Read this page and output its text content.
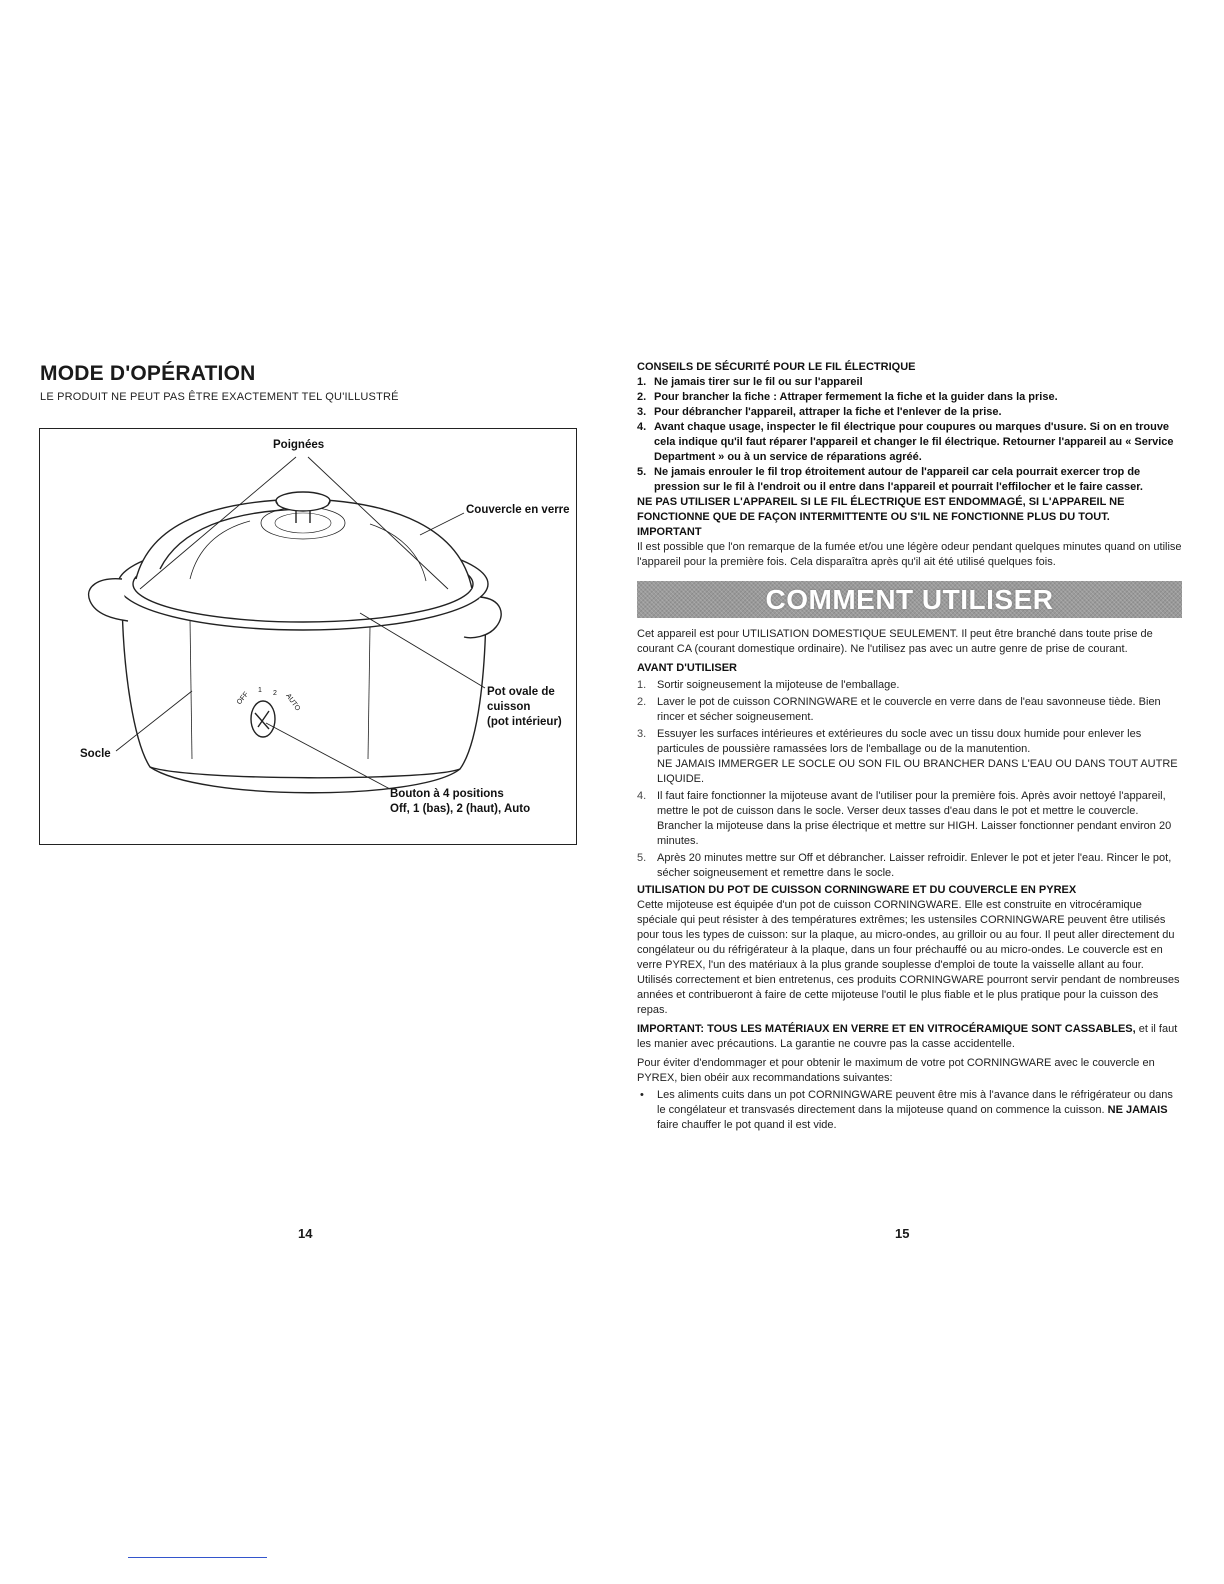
MODE D'OPÉRATION
LE PRODUIT NE PEUT PAS ÊTRE EXACTEMENT TEL QU'ILLUSTRÉ
Poignées
Couvercle en verre
Pot ovale de
cuisson
(pot intérieur)
Socle
Bouton à 4 positions
Off, 1 (bas), 2 (haut), Auto
OFF
1 2	AUTO
14
CONSEILS DE SÉCURITÉ POUR LE FIL ÉLECTRIQUE
1. Ne jamais tirer sur le fil ou sur l'appareil
2. Pour brancher la fiche : Attraper fermement la fiche et la guider dans la prise.
3. Pour débrancher l'appareil, attraper la fiche et l'enlever de la prise.
4. Avant chaque usage, inspecter le fil électrique pour coupures ou marques d'usure. Si on en trouve cela indique qu'il faut réparer l'appareil et changer le fil électrique. Retourner l'appareil au « Service Department » ou à un service de réparations agréé.
5. Ne jamais enrouler le fil trop étroitement autour de l'appareil car cela pourrait exercer trop de pression sur le fil à l'endroit ou il entre dans l'appareil et pourrait l'effilocher et le faire casser.
NE PAS UTILISER L'APPAREIL SI LE FIL ÉLECTRIQUE EST ENDOMMAGÉ, SI L'APPAREIL NE FONCTIONNE QUE DE FAÇON INTERMITTENTE OU S'IL NE FONCTIONNE PLUS DU TOUT.
IMPORTANT

Il est possible que l'on remarque de la fumée et/ou une légère odeur pendant quelques minutes quand on utilise l'appareil pour la première fois. Cela disparaîtra après qu'il ait été utilisé quelques fois.

COMMENT UTILISER

Cet appareil est pour UTILISATION DOMESTIQUE SEULEMENT. Il peut être branché dans toute prise de courant CA (courant domestique ordinaire). Ne l'utilisez pas avec un autre genre de prise de courant.

AVANT D'UTILISER
1. Sortir soigneusement la mijoteuse de l'emballage.
2. Laver le pot de cuisson CORNINGWARE et le couvercle en verre dans de l'eau savonneuse tiède. Bien rincer et sécher soigneusement.
3. Essuyer les surfaces intérieures et extérieures du socle avec un tissu doux humide pour enlever les particules de poussière ramassées lors de l'emballage ou de la manutention.
NE JAMAIS IMMERGER LE SOCLE OU SON FIL OU BRANCHER DANS L'EAU OU DANS TOUT AUTRE LIQUIDE.
4. Il faut faire fonctionner la mijoteuse avant de l'utiliser pour la première fois. Après avoir nettoyé l'appareil, mettre le pot de cuisson dans le socle. Verser deux tasses d'eau dans le pot et mettre le couvercle. Brancher la mijoteuse dans la prise électrique et mettre sur HIGH. Laisser fonctionner pendant environ 20 minutes.
5. Après 20 minutes mettre sur Off et débrancher. Laisser refroidir. Enlever le pot et jeter l'eau. Rincer le pot, sécher soigneusement et remettre dans le socle.
UTILISATION DU POT DE CUISSON CORNINGWARE ET DU COUVERCLE EN PYREX

Cette mijoteuse est équipée d'un pot de cuisson CORNINGWARE. Elle est construite en vitrocéramique spéciale qui peut résister à des températures extrêmes; les ustensiles CORNINGWARE peuvent être utilisés pour tous les types de cuisson: sur la plaque, au micro-ondes, au grilloir ou au four. Il peut aller directement du congélateur ou du réfrigérateur à la plaque, dans un four préchauffé ou au micro-ondes. Le couvercle est en verre PYREX, l'un des matériaux à la plus grande souplesse d'emploi de toute la vaisselle allant au four. Utilisés correctement et bien entretenus, ces produits CORNINGWARE pourront servir pendant de nombreuses années et contribueront à faire de cette mijoteuse l'outil le plus fiable et le plus pratique pour la cuisson des repas.

IMPORTANT: TOUS LES MATÉRIAUX EN VERRE ET EN VITROCÉRAMIQUE SONT CASSABLES, et il faut les manier avec précautions. La garantie ne couvre pas la casse accidentelle.

Pour éviter d'endommager et pour obtenir le maximum de votre pot CORNINGWARE avec le couvercle en PYREX, bien obéir aux recommandations suivantes:

• Les aliments cuits dans un pot CORNINGWARE peuvent être mis à l'avance dans le réfrigérateur ou dans le congélateur et transvasés directement dans la mijoteuse quand on commence la cuisson. NE JAMAIS faire chauffer le pot quand il est vide.
15
